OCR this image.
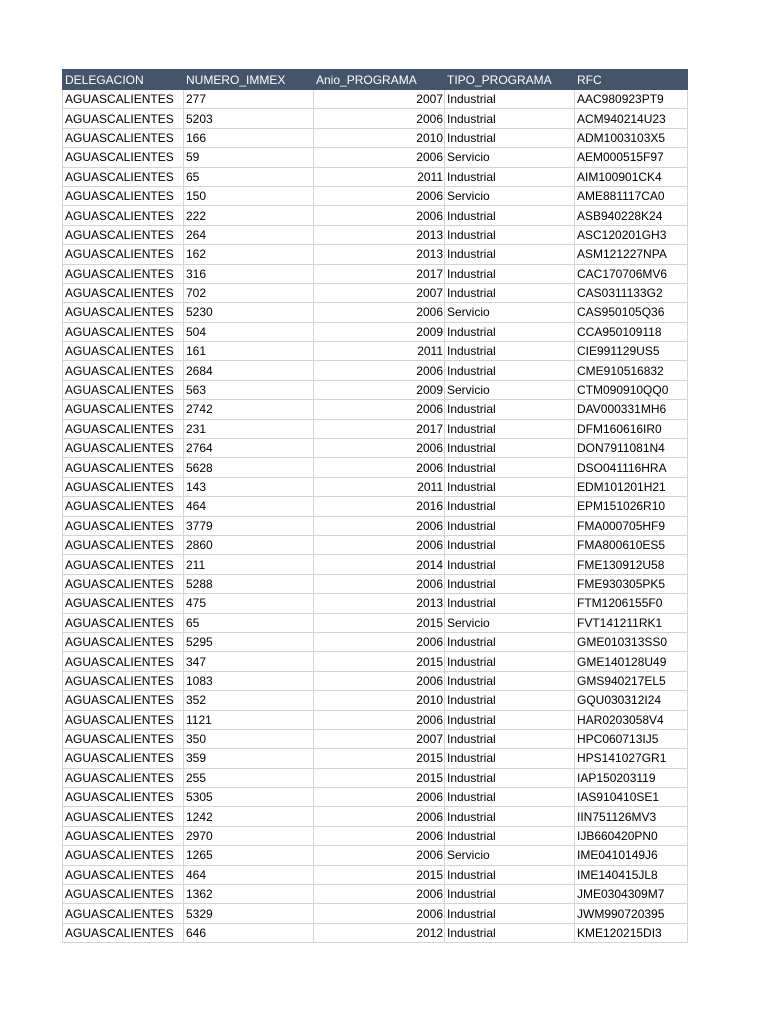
DELEGACION	NUMERO_IMMEX	Anio_PROGRAMA	TIPO_PROGRAMA	RFC
AGUASCALIENTES	277	2007	Industrial	AAC980923PT9
AGUASCALIENTES	5203	2006	Industrial	ACM940214U23
AGUASCALIENTES	166	2010	Industrial	ADM1003103X5
AGUASCALIENTES	59	2006	Servicio	AEM000515F97
AGUASCALIENTES	65	2011	Industrial	AIM100901CK4
AGUASCALIENTES	150	2006	Servicio	AME881117CA0
AGUASCALIENTES	222	2006	Industrial	ASB940228K24
AGUASCALIENTES	264	2013	Industrial	ASC120201GH3
AGUASCALIENTES	162	2013	Industrial	ASM121227NPA
AGUASCALIENTES	316	2017	Industrial	CAC170706MV6
AGUASCALIENTES	702	2007	Industrial	CAS0311133G2
AGUASCALIENTES	5230	2006	Servicio	CAS950105Q36
AGUASCALIENTES	504	2009	Industrial	CCA950109118
AGUASCALIENTES	161	2011	Industrial	CIE991129US5
AGUASCALIENTES	2684	2006	Industrial	CME910516832
AGUASCALIENTES	563	2009	Servicio	CTM090910QQ0
AGUASCALIENTES	2742	2006	Industrial	DAV000331MH6
AGUASCALIENTES	231	2017	Industrial	DFM160616IR0
AGUASCALIENTES	2764	2006	Industrial	DON7911081N4
AGUASCALIENTES	5628	2006	Industrial	DSO041116HRA
AGUASCALIENTES	143	2011	Industrial	EDM101201H21
AGUASCALIENTES	464	2016	Industrial	EPM151026R10
AGUASCALIENTES	3779	2006	Industrial	FMA000705HF9
AGUASCALIENTES	2860	2006	Industrial	FMA800610ES5
AGUASCALIENTES	211	2014	Industrial	FME130912U58
AGUASCALIENTES	5288	2006	Industrial	FME930305PK5
AGUASCALIENTES	475	2013	Industrial	FTM1206155F0
AGUASCALIENTES	65	2015	Servicio	FVT141211RK1
AGUASCALIENTES	5295	2006	Industrial	GME010313SS0
AGUASCALIENTES	347	2015	Industrial	GME140128U49
AGUASCALIENTES	1083	2006	Industrial	GMS940217EL5
AGUASCALIENTES	352	2010	Industrial	GQU030312I24
AGUASCALIENTES	1121	2006	Industrial	HAR0203058V4
AGUASCALIENTES	350	2007	Industrial	HPC060713IJ5
AGUASCALIENTES	359	2015	Industrial	HPS141027GR1
AGUASCALIENTES	255	2015	Industrial	IAP150203119
AGUASCALIENTES	5305	2006	Industrial	IAS910410SE1
AGUASCALIENTES	1242	2006	Industrial	IIN751126MV3
AGUASCALIENTES	2970	2006	Industrial	IJB660420PN0
AGUASCALIENTES	1265	2006	Servicio	IME0410149J6
AGUASCALIENTES	464	2015	Industrial	IME140415JL8
AGUASCALIENTES	1362	2006	Industrial	JME0304309M7
AGUASCALIENTES	5329	2006	Industrial	JWM990720395
AGUASCALIENTES	646	2012	Industrial	KME120215DI3
